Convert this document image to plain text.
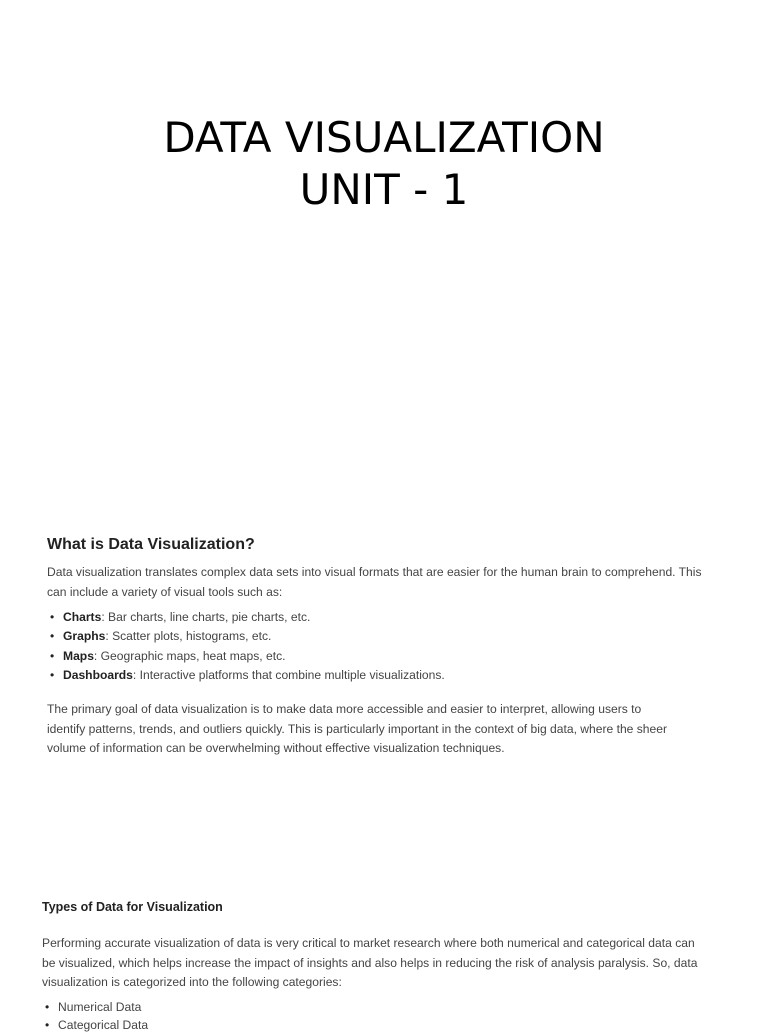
DATA VISUALIZATION
UNIT - 1
What is Data Visualization?

Data visualization translates complex data sets into visual formats that are easier for the human brain to comprehend. This
can include a variety of visual tools such as:

• Charts: Bar charts, line charts, pie charts, etc.
• Graphs: Scatter plots, histograms, etc.
• Maps: Geographic maps, heat maps, etc.
• Dashboards: Interactive platforms that combine multiple visualizations.

The primary goal of data visualization is to make data more accessible and easier to interpret, allowing users to
identify patterns, trends, and outliers quickly. This is particularly important in the context of big data, where the sheer
volume of information can be overwhelming without effective visualization techniques.

Types of Data for Visualization

Performing accurate visualization of data is very critical to market research where both numerical and categorical data can
be visualized, which helps increase the impact of insights and also helps in reducing the risk of analysis paralysis. So, data
visualization is categorized into the following categories:

• Numerical Data
• Categorical Data
